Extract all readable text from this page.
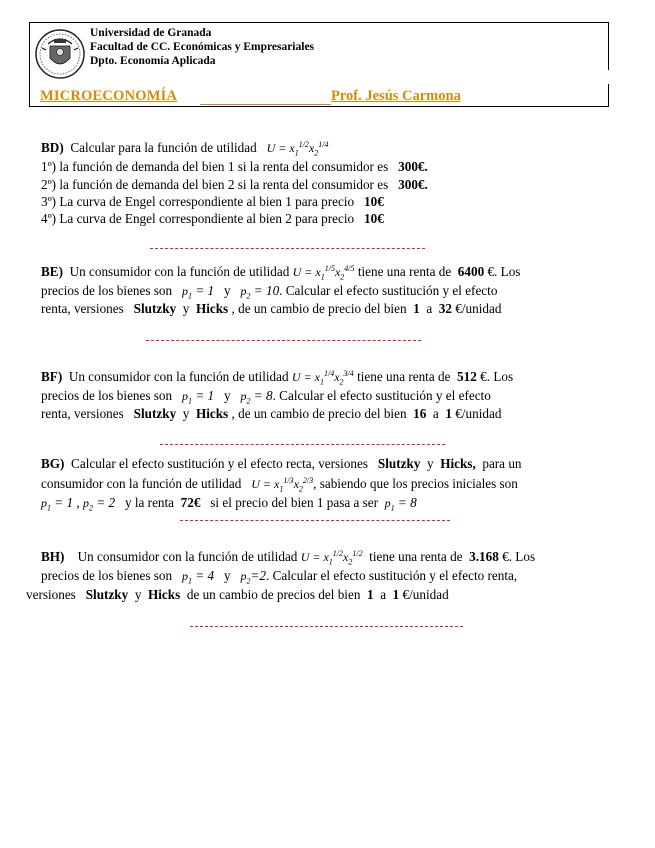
Universidad de Granada
Facultad de CC. Económicas y Empresariales
Dpto. Economía Aplicada
MICROECONOMÍA	Prof. Jesús Carmona
BD) Calcular para la función de utilidad $U = x_1^{1/2}x_2^{1/4}$
1º) la función de demanda del bien 1 si la renta del consumidor es 300€.
2º) la función de demanda del bien 2 si la renta del consumidor es 300€.
3º) La curva de Engel correspondiente al bien 1 para precio 10€
4º) La curva de Engel correspondiente al bien 2 para precio 10€
BE) Un consumidor con la función de utilidad $U = x_1^{1/5}x_2^{4/5}$ tiene una renta de 6400 €. Los
precios de los bienes son $p_1 = 1$ y $p_2 = 10$. Calcular el efecto sustitución y el efecto
renta, versiones Slutzky y  Hicks , de un cambio de precio del bien 1 a 32 €/unidad
BF) Un consumidor con la función de utilidad $U = x_1^{1/4}x_2^{3/4}$ tiene una renta de 512 €. Los
precios de los bienes son $p_1 = 1$ y $p_2 = 8$. Calcular el efecto sustitución y el efecto
renta, versiones Slutzky  y  Hicks , de un cambio de precio del bien 16 a 1 €/unidad
BG) Calcular el efecto sustitución y el efecto recta, versiones Slutzky y Hicks, para un
consumidor con la función de utilidad $U = x_1^{1/3}x_2^{2/3}$, sabiendo que los precios iniciales son
$p_1 = 1$ , $p_2 = 2$ y la renta 72€ si el precio del bien 1 pasa a ser $p_1 = 8$
BH) Un consumidor con la función de utilidad $U = x_1^{1/2}x_2^{1/2}$ tiene una renta de 3.168 €. Los
precios de los bienes son $p_1 = 4$ y $p_2=2$. Calcular el efecto sustitución y el efecto renta,
versiones Slutzky  y  Hicks de un cambio de precios del bien 1 a 1 €/unidad
